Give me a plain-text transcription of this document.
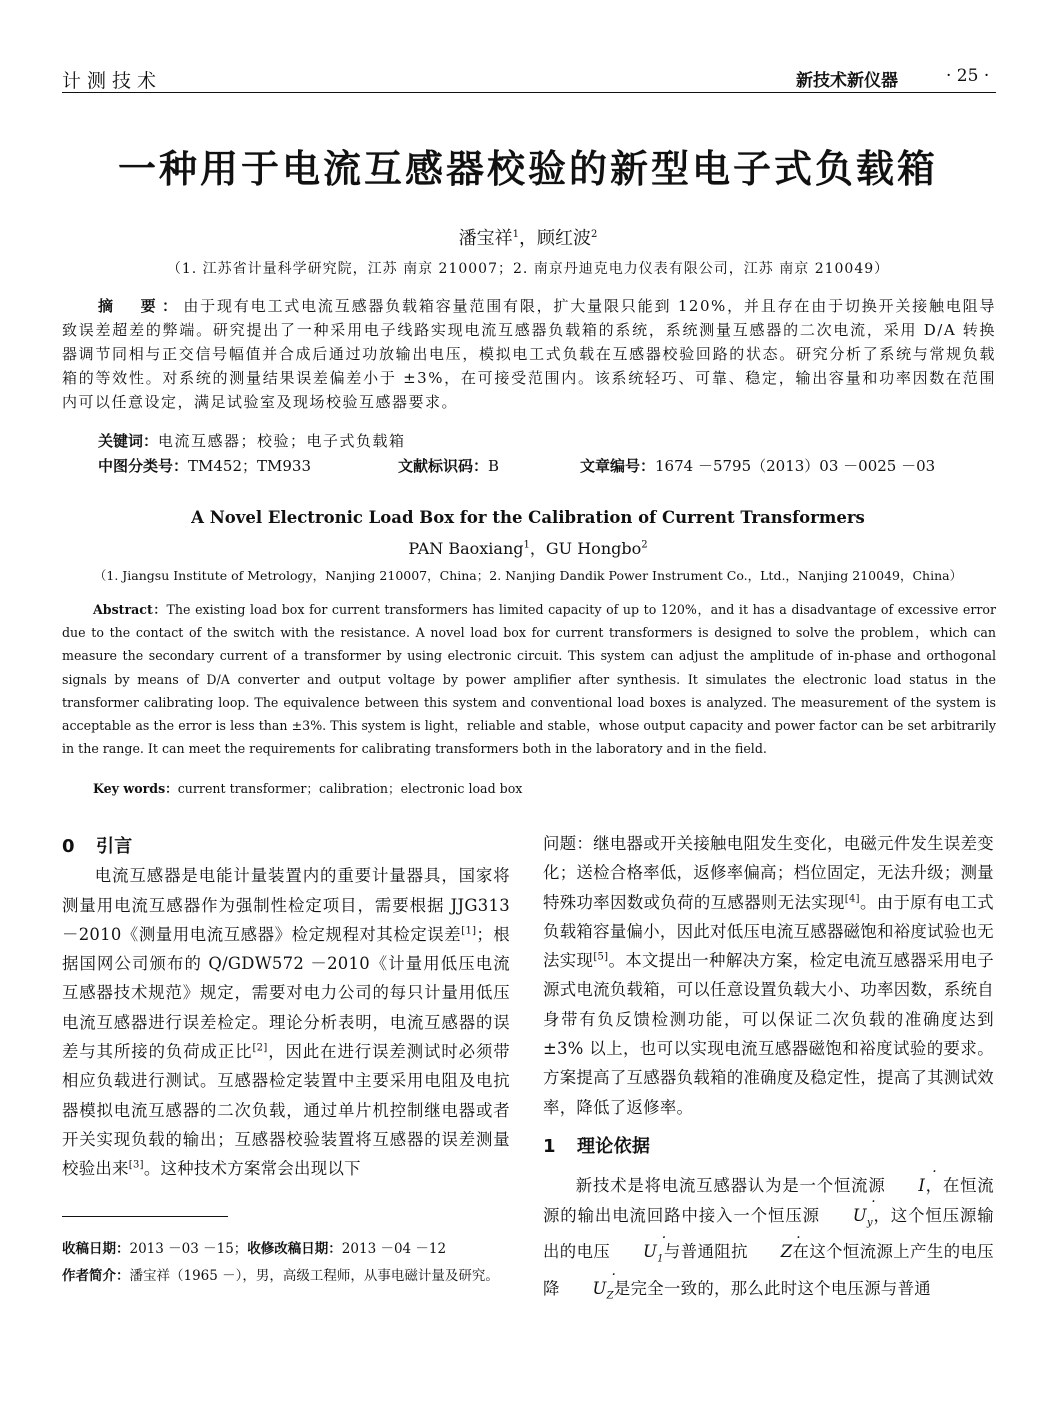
计测技术	新技术新仪器	· 25 ·
一种用于电流互感器校验的新型电子式负载箱
潘宝祥$^1$，顾红波$^2$
（1. 江苏省计量科学研究院，江苏 南京 210007；2. 南京丹迪克电力仪表有限公司，江苏 南京 210049）
摘　要：由于现有电工式电流互感器负载箱容量范围有限，扩大量限只能到 120%，并且存在由于切换开关接触电阻导致误差超差的弊端。研究提出了一种采用电子线路实现电流互感器负载箱的系统，系统测量互感器的二次电流，采用 D/A 转换器调节同相与正交信号幅值并合成后通过功放输出电压，模拟电工式负载在互感器校验回路的状态。研究分析了系统与常规负载箱的等效性。对系统的测量结果误差偏差小于 ±3%，在可接受范围内。该系统轻巧、可靠、稳定，输出容量和功率因数在范围内可以任意设定，满足试验室及现场校验互感器要求。
关键词：电流互感器；校验；电子式负载箱
中图分类号：TM452；TM933	文献标识码：B	文章编号：1674 －5795（2013）03 －0025 －03
A Novel Electronic Load Box for the Calibration of Current Transformers
PAN Baoxiang$^1$，GU Hongbo$^2$
（1. Jiangsu Institute of Metrology，Nanjing 210007，China；2. Nanjing Dandik Power Instrument Co.，Ltd.，Nanjing 210049，China）
Abstract：The existing load box for current transformers has limited capacity of up to 120%，and it has a disadvantage of excessive error due to the contact of the switch with the resistance. A novel load box for current transformers is designed to solve the problem，which can measure the secondary current of a transformer by using electronic circuit. This system can adjust the amplitude of in-phase and orthogonal signals by means of D/A converter and output voltage by power amplifier after synthesis. It simulates the electronic load status in the transformer calibrating loop. The equivalence between this system and conventional load boxes is analyzed. The measurement of the system is acceptable as the error is less than ±3%. This system is light，reliable and stable，whose output capacity and power factor can be set arbitrarily in the range. It can meet the requirements for calibrating transformers both in the laboratory and in the field.
Key words：current transformer；calibration；electronic load box
0 引言

电流互感器是电能计量装置内的重要计量器具，国家将测量用电流互感器作为强制性检定项目，需要根据 JJG313 －2010《测量用电流互感器》检定规程对其检定误差[1]；根据国网公司颁布的 Q/GDW572 －2010《计量用低压电流互感器技术规范》规定，需要对电力公司的每只计量用低压电流互感器进行误差检定。理论分析表明，电流互感器的误差与其所接的负荷成正比[2]，因此在进行误差测试时必须带相应负载进行测试。互感器检定装置中主要采用电阻及电抗器模拟电流互感器的二次负载，通过单片机控制继电器或者开关实现负载的输出；互感器校验装置将互感器的误差测量校验出来[3]。这种技术方案常会出现以下

问题：继电器或开关接触电阻发生变化，电磁元件发生误差变化；送检合格率低，返修率偏高；档位固定，无法升级；测量特殊功率因数或负荷的互感器则无法实现[4]。由于原有电工式负载箱容量偏小，因此对低压电流互感器磁饱和裕度试验也无法实现[5]。本文提出一种解决方案，检定电流互感器采用电子源式电流负载箱，可以任意设置负载大小、功率因数，系统自身带有负反馈检测功能，可以保证二次负载的准确度达到 ±3% 以上，也可以实现电流互感器磁饱和裕度试验的要求。方案提高了互感器负载箱的准确度及稳定性，提高了其测试效率，降低了返修率。

1 理论依据

新技术是将电流互感器认为是一个恒流源 · I，在恒流源的输出电流回路中接入一个恒压源 · $U_y$，这个恒压源输出的电压 · $U_1$与普通阻抗 · Z在这个恒流源上产生的电压降 · $U_Z$是完全一致的，那么此时这个电压源与普通

收稿日期：2013 －03 －15；收修改稿日期：2013 －04 －12
作者简介：潘宝祥（1965 －），男，高级工程师，从事电磁计量及研究。
